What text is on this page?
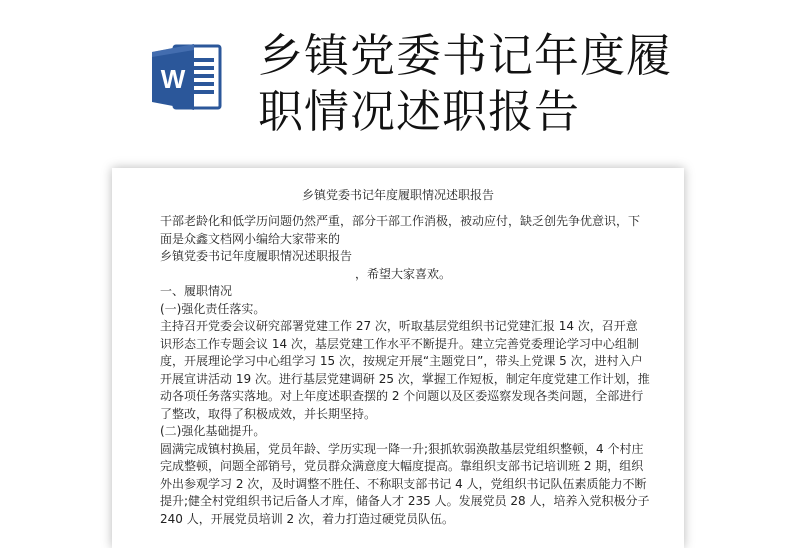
W 乡镇党委书记年度履
职情况述职报告
乡镇党委书记年度履职情况述职报告
干部老龄化和低学历问题仍然严重，部分干部工作消极，被动应付，缺乏创先争优意识，下
面是众鑫文档网小编给大家带来的
乡镇党委书记年度履职情况述职报告
，希望大家喜欢。
一、履职情况
(一)强化责任落实。
主持召开党委会议研究部署党建工作 27 次，听取基层党组织书记党建汇报 14 次，召开意
识形态工作专题会议 14 次，基层党建工作水平不断提升。建立完善党委理论学习中心组制
度，开展理论学习中心组学习 15 次，按规定开展“主题党日”，带头上党课 5 次，进村入户
开展宣讲活动 19 次。进行基层党建调研 25 次，掌握工作短板，制定年度党建工作计划，推
动各项任务落实落地。对上年度述职查摆的 2 个问题以及区委巡察发现各类问题，全部进行
了整改，取得了积极成效，并长期坚持。
(二)强化基础提升。
圆满完成镇村换届，党员年龄、学历实现一降一升;狠抓软弱涣散基层党组织整顿，4 个村庄
完成整顿，问题全部销号，党员群众满意度大幅度提高。靠组织支部书记培训班 2 期，组织
外出参观学习 2 次，及时调整不胜任、不称职支部书记 4 人，党组织书记队伍素质能力不断
提升;健全村党组织书记后备人才库，储备人才 235 人。发展党员 28 人，培养入党积极分子
240 人，开展党员培训 2 次，着力打造过硬党员队伍。
